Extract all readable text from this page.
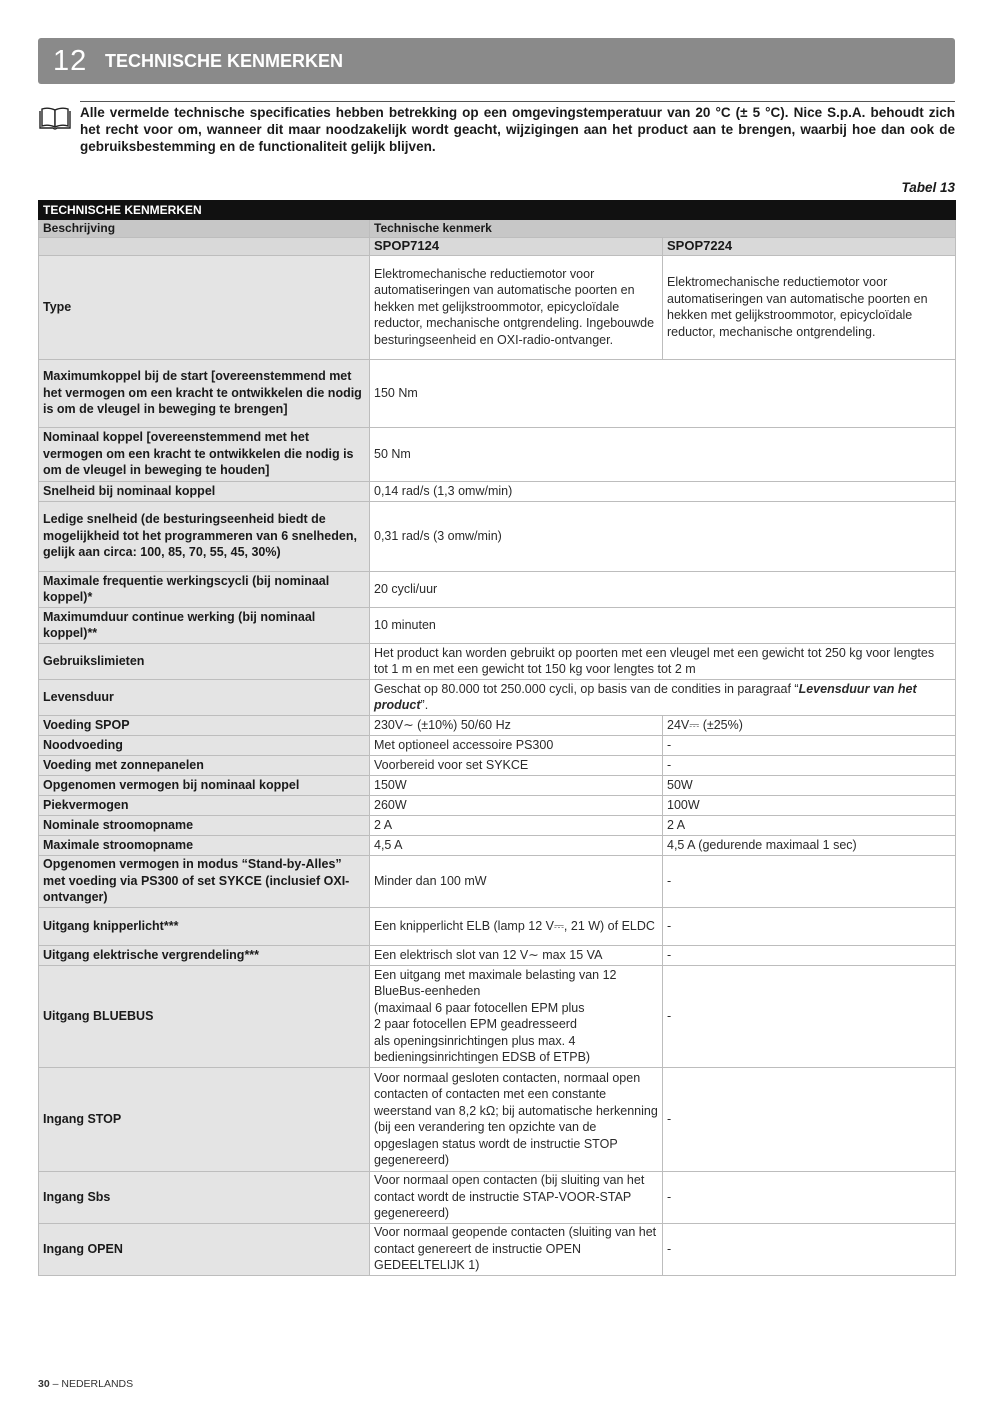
12 TECHNISCHE KENMERKEN
Alle vermelde technische specificaties hebben betrekking op een omgevingstemperatuur van 20 °C (± 5 °C). Nice S.p.A. behoudt zich het recht voor om, wanneer dit maar noodzakelijk wordt geacht, wijzigingen aan het product aan te brengen, waarbij hoe dan ook de gebruiksbestemming en de functionaliteit gelijk blijven.
Tabel 13
TECHNISCHE KENMERKEN		
Beschrijving	Technische kenmerk	
	SPOP7124	SPOP7224
Type	Elektromechanische reductiemotor voor automatiseringen van automatische poorten en hekken met gelijkstroommotor, epicycloïdale reductor, mechanische ontgrendeling. Ingebouwde besturingseenheid en OXI-radio-ontvanger.	Elektromechanische reductiemotor voor automatiseringen van automatische poorten en hekken met gelijkstroommotor, epicycloïdale reductor, mechanische ontgrendeling.
Maximumkoppel bij de start [overeenstemmend met het vermogen om een kracht te ontwikkelen die nodig is om de vleugel in beweging te brengen]	150 Nm	
Nominaal koppel [overeenstemmend met het vermogen om een kracht te ontwikkelen die nodig is om de vleugel in beweging te houden]	50 Nm	
Snelheid bij nominaal koppel	0,14 rad/s (1,3 omw/min)	
Ledige snelheid (de besturingseenheid biedt de mogelijkheid tot het programmeren van 6 snelheden, gelijk aan circa: 100, 85, 70, 55, 45, 30%)	0,31 rad/s (3 omw/min)	
Maximale frequentie werkingscycli (bij nominaal koppel)*	20 cycli/uur	
Maximumduur continue werking (bij nominaal koppel)**	10 minuten	
Gebruikslimieten	Het product kan worden gebruikt op poorten met een vleugel met een gewicht tot 250 kg voor lengtes tot 1 m en met een gewicht tot 150 kg voor lengtes tot 2 m	
Levensduur	Geschat op 80.000 tot 250.000 cycli, op basis van de condities in paragraaf “Levensduur van het product”.	
Voeding SPOP	230V∼ (±10%) 50/60 Hz	24V⎓ (±25%)
Noodvoeding	Met optioneel accessoire PS300	-
Voeding met zonnepanelen	Voorbereid voor set SYKCE	-
Opgenomen vermogen bij nominaal koppel	150W	50W
Piekvermogen	260W	100W
Nominale stroomopname	2 A	2 A
Maximale stroomopname	4,5 A	4,5 A (gedurende maximaal 1 sec)
Opgenomen vermogen in modus “Stand-by-Alles” met voeding via PS300 of set SYKCE (inclusief OXI-ontvanger)	Minder dan 100 mW	-
Uitgang knipperlicht***	Een knipperlicht ELB (lamp 12 V⎓, 21 W) of ELDC	-
Uitgang elektrische vergrendeling***	Een elektrisch slot van 12 V∼ max 15 VA	-
Uitgang BLUEBUS	Een uitgang met maximale belasting van 12 BlueBus-eenheden
(maximaal 6 paar fotocellen EPM plus
2 paar fotocellen EPM geadresseerd
als openingsinrichtingen plus max. 4 bedieningsinrichtingen EDSB of ETPB)	-
Ingang STOP	Voor normaal gesloten contacten, normaal open contacten of contacten met een constante weerstand van 8,2 kΩ; bij automatische herkenning (bij een verandering ten opzichte van de opgeslagen status wordt de instructie STOP gegenereerd)	-
Ingang Sbs	Voor normaal open contacten (bij sluiting van het contact wordt de instructie STAP-VOOR-STAP gegenereerd)	-
Ingang OPEN	Voor normaal geopende contacten (sluiting van het contact genereert de instructie OPEN GEDEELTELIJK 1)	-
30 – NEDERLANDS
